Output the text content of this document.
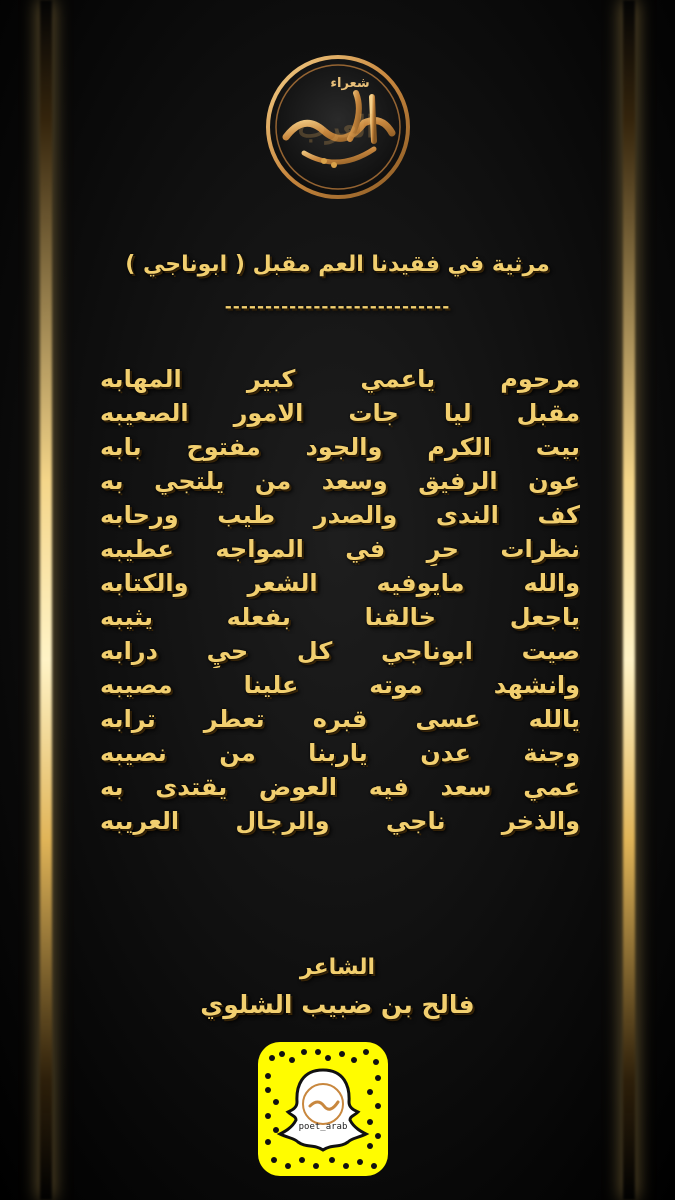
شعراء
العرب
مرثية في فقيدنا العم مقبل ( ابوناجي )
----------------------------
مرحوم ياعمي كبير المهابه
مقبل ليا جات الامور الصعيبه
بيت الكرم والجود مفتوح بابه
عون الرفيق وسعد من يلتجي به
كف الندى والصدر طيب ورحابه
نظرات حرٍ في المواجه عطيبه
والله مايوفيه الشعر والكتابه
ياجعل خالقنا بفعله يثيبه
صيت ابوناجي كل حيٍ درابه
وانشهد موته علينا مصيبه
يالله عسى قبره تعطر ترابه
وجنة عدن ياربنا من نصيبه
عمي سعد فيه العوض يقتدى به
والذخر ناجي والرجال العريبه
الشاعر
فالح بن ضبيب الشلوي
poet_arab
